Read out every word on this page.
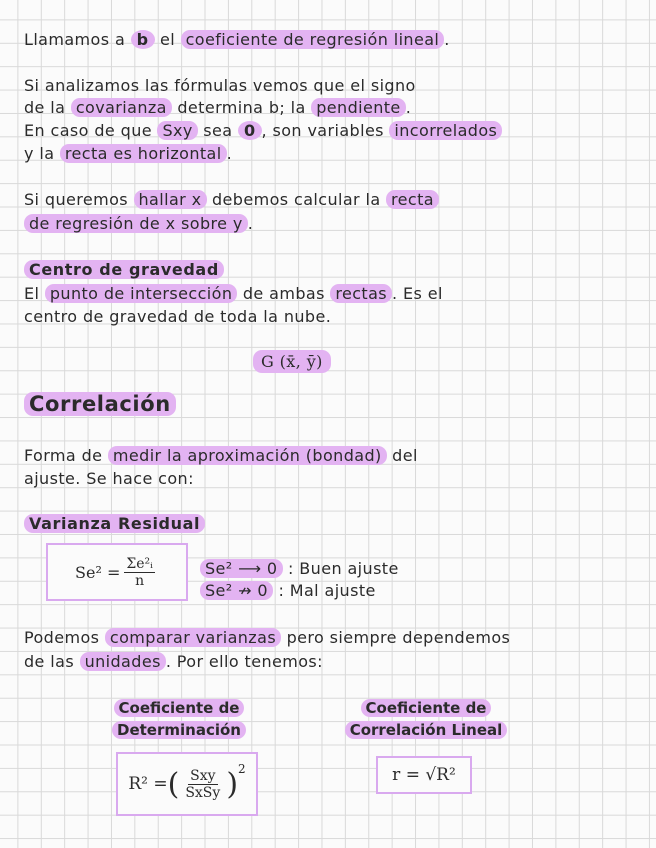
Llamamos a b el coeficiente de regresión lineal .
Si analizamos las fórmulas vemos que el signo
de la covarianza determina b; la pendiente .
En caso de que Sxy sea 0 , son variables incorrelados
y la recta es horizontal .
Si queremos hallar x debemos calcular la recta
de regresión de x sobre y .
Centro de gravedad
El punto de intersección de ambas rectas . Es el
centro de gravedad de toda la nube.
G (x̄, ȳ)
Correlación
Forma de medir la aproximación (bondad) del
ajuste. Se hace con:
Varianza Residual
$Se^2 = \frac{\text{Σe²ᵢ}}{n}$	Se² ⟶ 0 : Buen ajuste
Se² ↛ 0 : Mal ajuste
Podemos comparar varianzas pero siempre dependemos
de las unidades . Por ello tenemos:
Coeficiente de
Determinación
R² = ( $\frac{\text{Sxy}}{\text{SxSy}} )^2$
Coeficiente de
Correlación Lineal
r = √R²
